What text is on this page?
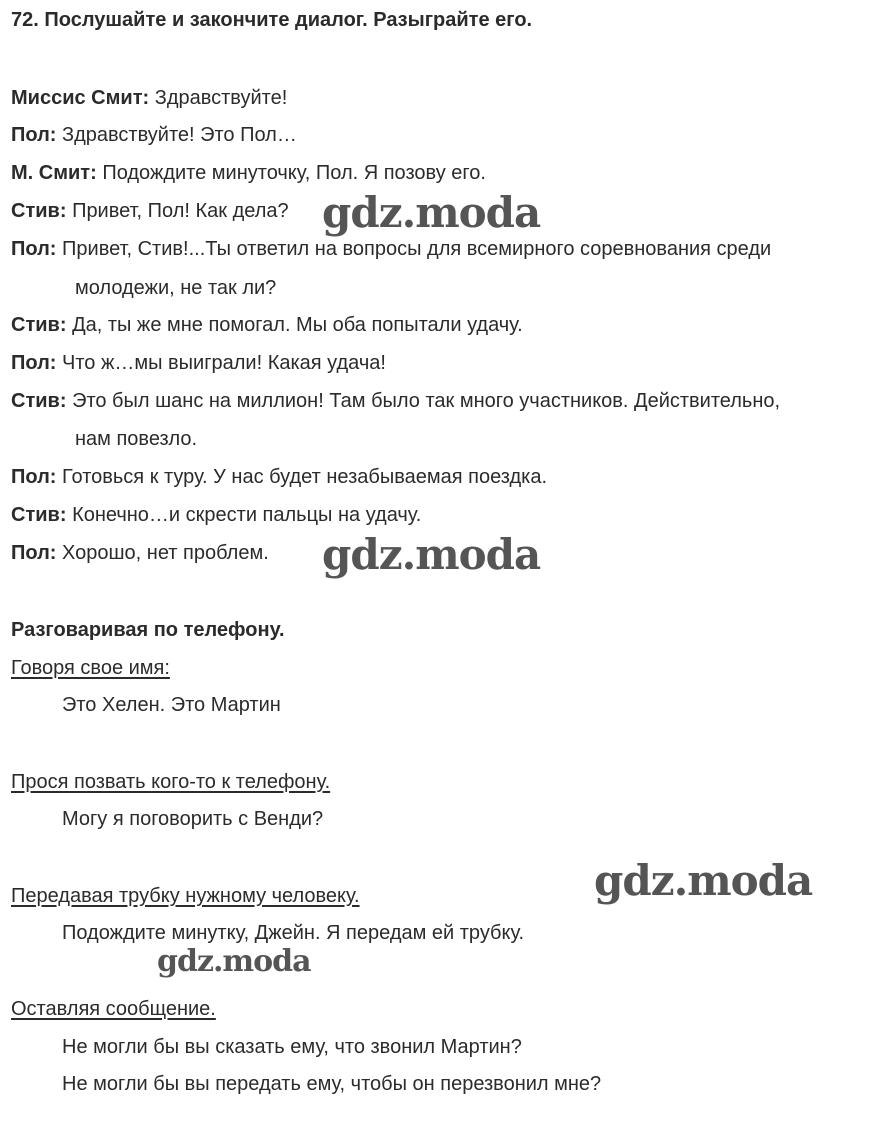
72. Послушайте и закончите диалог. Разыграйте его.
Миссис Смит: Здравствуйте!
Пол: Здравствуйте! Это Пол…
М. Смит: Подождите минуточку, Пол. Я позову его.
Стив: Привет, Пол! Как дела?
Пол: Привет, Стив!...Ты ответил на вопросы для всемирного соревнования среди
молодежи, не так ли?
Стив: Да, ты же мне помогал. Мы оба попытали удачу.
Пол: Что ж…мы выиграли! Какая удача!
Стив: Это был шанс на миллион! Там было так много участников. Действительно,
нам повезло.
Пол: Готовься к туру. У нас будет незабываемая поездка.
Стив: Конечно…и скрести пальцы на удачу.
Пол: Хорошо, нет проблем.
Разговаривая по телефону.
Говоря свое имя:
Это Хелен. Это Мартин
Прося позвать кого-то к телефону.
Могу я поговорить с Венди?
Передавая трубку нужному человеку.
Подождите минутку, Джейн. Я передам ей трубку.
Оставляя сообщение.
Не могли бы вы сказать ему, что звонил Мартин?
Не могли бы вы передать ему, чтобы он перезвонил мне?
gdz.moda
gdz.moda
gdz.moda
gdz.moda
